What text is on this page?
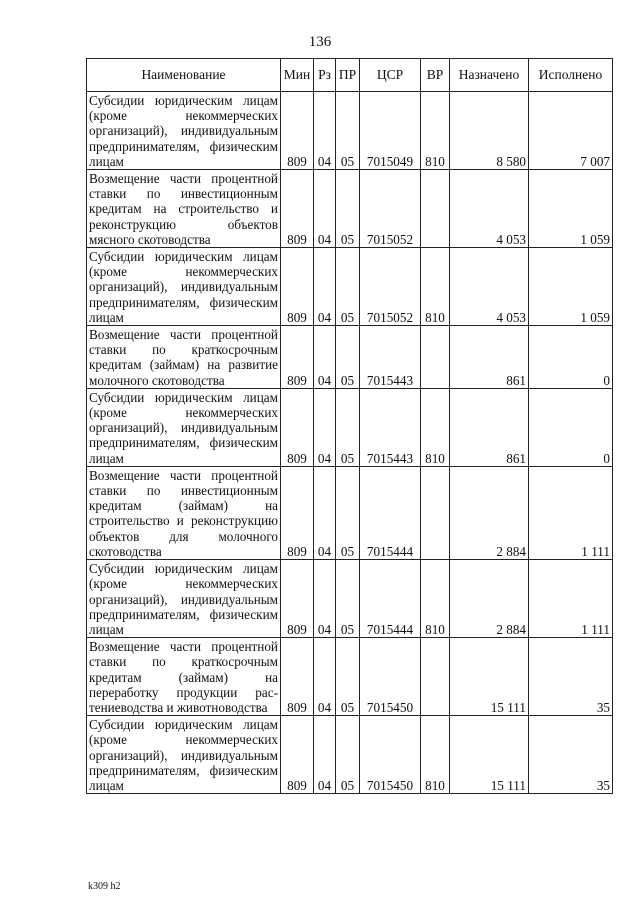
136
Наименование	Мин	Рз	ПР	ЦСР	ВР	Назначено	Исполнено
Субсидии юридическим лицам (кроме некоммерческих организаций), индивидуальным предпринимателям, физическим лицам	809	04	05	7015049	810	8 580	7 007
Возмещение части процентной ставки по инвестиционным кредитам на строительство и реконструкцию объектов мясного скотоводства	809	04	05	7015052		4 053	1 059
Субсидии юридическим лицам (кроме некоммерческих организаций), индивидуальным предпринимателям, физическим лицам	809	04	05	7015052	810	4 053	1 059
Возмещение части процентной ставки по краткосрочным кредитам (займам) на развитие молочного скотоводства	809	04	05	7015443		861	0
Субсидии юридическим лицам (кроме некоммерческих организаций), индивидуальным предпринимателям, физическим лицам	809	04	05	7015443	810	861	0
Возмещение части процентной ставки по инвестиционным кредитам (займам) на строительство и реконструкцию объектов для молочного скотоводства	809	04	05	7015444		2 884	1 111
Субсидии юридическим лицам (кроме некоммерческих организаций), индивидуальным предпринимателям, физическим лицам	809	04	05	7015444	810	2 884	1 111
Возмещение части процентной ставки по краткосрочным кредитам (займам) на переработку продукции растениеводства и животноводства	809	04	05	7015450		15 111	35
Субсидии юридическим лицам (кроме некоммерческих организаций), индивидуальным предпринимателям, физическим лицам	809	04	05	7015450	810	15 111	35
k309 h2
